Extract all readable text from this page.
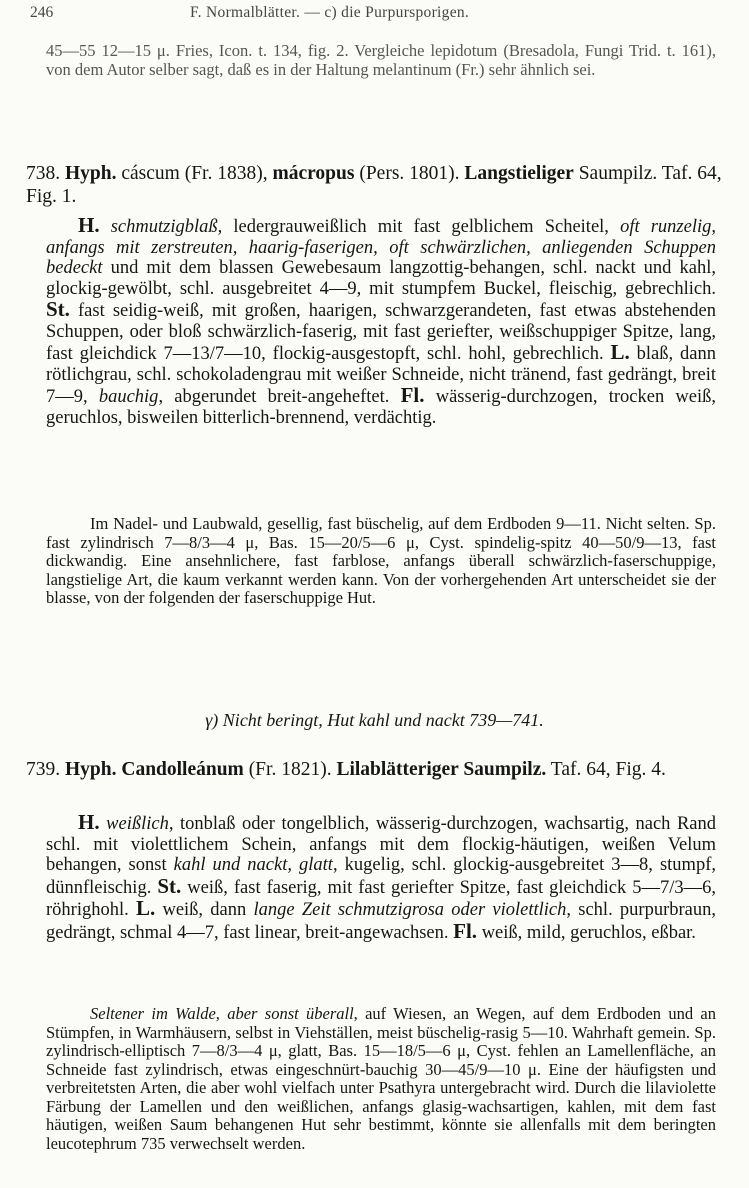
246	F. Normalblätter. — c) die Purpursporigen.

45—55 12—15 μ. Fries, Icon. t. 134, fig. 2. Vergleiche lepidotum (Bresadola, Fungi Trid. t. 161), von dem Autor selber sagt, daß es in der Haltung melantinum (Fr.) sehr ähnlich sei.

738. Hyph. cáscum (Fr. 1838), mácropus (Pers. 1801). Langstieliger Saumpilz. Taf. 64, Fig. 1.

H. schmutzigblaß, ledergrauweißlich mit fast gelblichem Scheitel, oft runzelig, anfangs mit zerstreuten, haarig-faserigen, oft schwärzlichen, anliegenden Schuppen bedeckt und mit dem blassen Gewebesaum langzottig-behangen, schl. nackt und kahl, glockig-gewölbt, schl. ausgebreitet 4—9, mit stumpfem Buckel, fleischig, gebrechlich. St. fast seidig-weiß, mit großen, haarigen, schwarzgerandeten, fast etwas abstehenden Schuppen, oder bloß schwärzlich-faserig, mit fast geriefter, weißschuppiger Spitze, lang, fast gleichdick 7—13/7—10, flockig-ausgestopft, schl. hohl, gebrechlich. L. blaß, dann rötlichgrau, schl. schokoladengrau mit weißer Schneide, nicht tränend, fast gedrängt, breit 7—9, bauchig, abgerundet breit-angeheftet. Fl. wässerig-durchzogen, trocken weiß, geruchlos, bisweilen bitterlich-brennend, verdächtig.

Im Nadel- und Laubwald, gesellig, fast büschelig, auf dem Erdboden 9—11. Nicht selten. Sp. fast zylindrisch 7—8/3—4 μ, Bas. 15—20/5—6 μ, Cyst. spindelig-spitz 40—50/9—13, fast dickwandig. Eine ansehnlichere, fast farblose, anfangs überall schwärzlich-faserschuppige, langstielige Art, die kaum verkannt werden kann. Von der vorhergehenden Art unterscheidet sie der blasse, von der folgenden der faserschuppige Hut.

γ) Nicht beringt, Hut kahl und nackt 739—741.

739. Hyph. Candolleánum (Fr. 1821). Lilablätteriger Saumpilz. Taf. 64, Fig. 4.

H. weißlich, tonblaß oder tongelblich, wässerig-durchzogen, wachsartig, nach Rand schl. mit violettlichem Schein, anfangs mit dem flockig-häutigen, weißen Velum behangen, sonst kahl und nackt, glatt, kugelig, schl. glockig-ausgebreitet 3—8, stumpf, dünnfleischig. St. weiß, fast faserig, mit fast geriefter Spitze, fast gleichdick 5—7/3—6, röhrighohl. L. weiß, dann lange Zeit schmutzigrosa oder violettlich, schl. purpurbraun, gedrängt, schmal 4—7, fast linear, breit-angewachsen. Fl. weiß, mild, geruchlos, eßbar.

Seltener im Walde, aber sonst überall, auf Wiesen, an Wegen, auf dem Erdboden und an Stümpfen, in Warmhäusern, selbst in Viehställen, meist büschelig-rasig 5—10. Wahrhaft gemein. Sp. zylindrisch-elliptisch 7—8/3—4 μ, glatt, Bas. 15—18/5—6 μ, Cyst. fehlen an Lamellenfläche, an Schneide fast zylindrisch, etwas eingeschnürt-bauchig 30—45/9—10 μ. Eine der häufigsten und verbreitetsten Arten, die aber wohl vielfach unter Psathyra untergebracht wird. Durch die lilaviolette Färbung der Lamellen und den weißlichen, anfangs glasig-wachsartigen, kahlen, mit dem fast häutigen, weißen Saum behangenen Hut sehr bestimmt, könnte sie allenfalls mit dem beringten leucotephrum 735 verwechselt werden.
